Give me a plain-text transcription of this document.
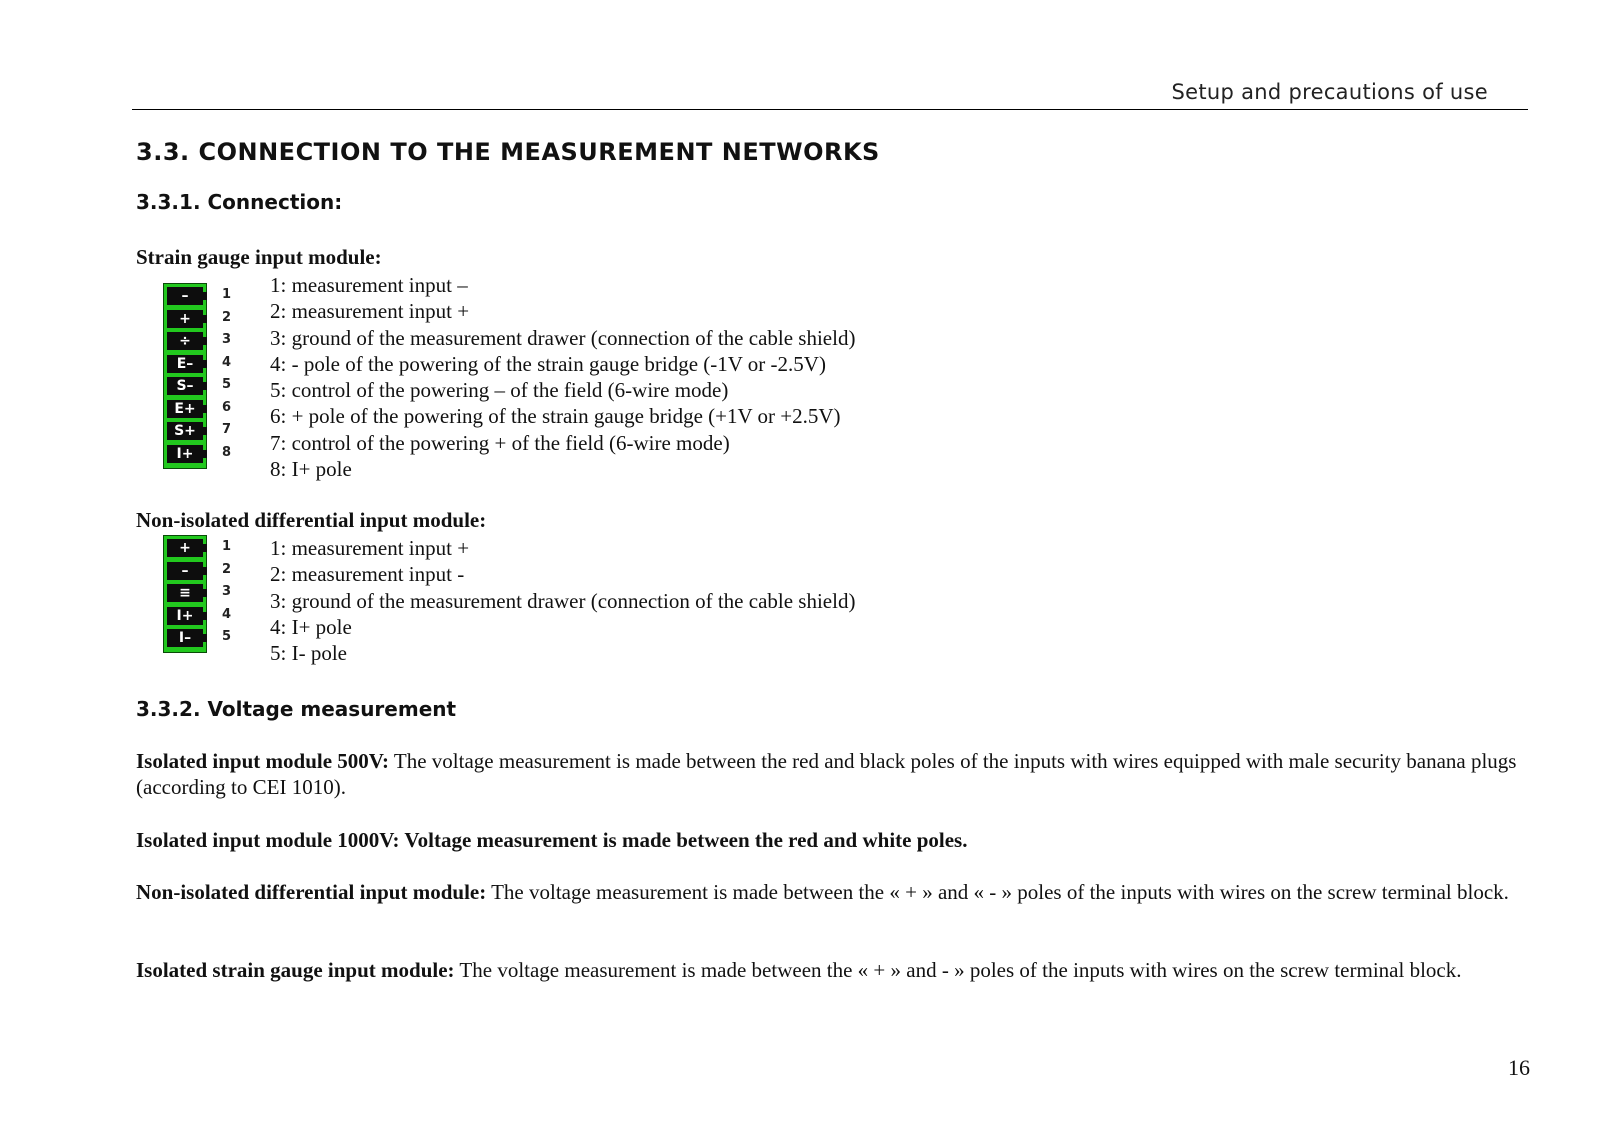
Setup and precautions of use
3.3. CONNECTION TO THE MEASUREMENT NETWORKS
3.3.1. Connection:
Strain gauge input module:
–
+
÷
E–
S–
E+
S+
I+
1
2
3
4
5
6
7
8
1: measurement input –
2: measurement input +
3: ground of the measurement drawer (connection of the cable shield)
4: - pole of the powering of the strain gauge bridge (-1V or -2.5V)
5: control of the powering – of the field (6-wire mode)
6: + pole of the powering of the strain gauge bridge (+1V or +2.5V)
7: control of the powering + of the field (6-wire mode)
8: I+ pole
Non-isolated differential input module:
+
–
≡
I+
I–
1
2
3
4
5
1: measurement input +
2: measurement input -
3: ground of the measurement drawer (connection of the cable shield)
4: I+ pole
5: I- pole
3.3.2. Voltage measurement

Isolated input module 500V: The voltage measurement is made between the red and black poles of the inputs with wires equipped with male security banana plugs (according to CEI 1010).

Isolated input module 1000V: Voltage measurement is made between the red and white poles.

Non-isolated differential input module: The voltage measurement is made between the « + » and « - » poles of the inputs with wires on the screw terminal block.

Isolated strain gauge input module: The voltage measurement is made between the « + » and - » poles of the inputs with wires on the screw terminal block.

16
